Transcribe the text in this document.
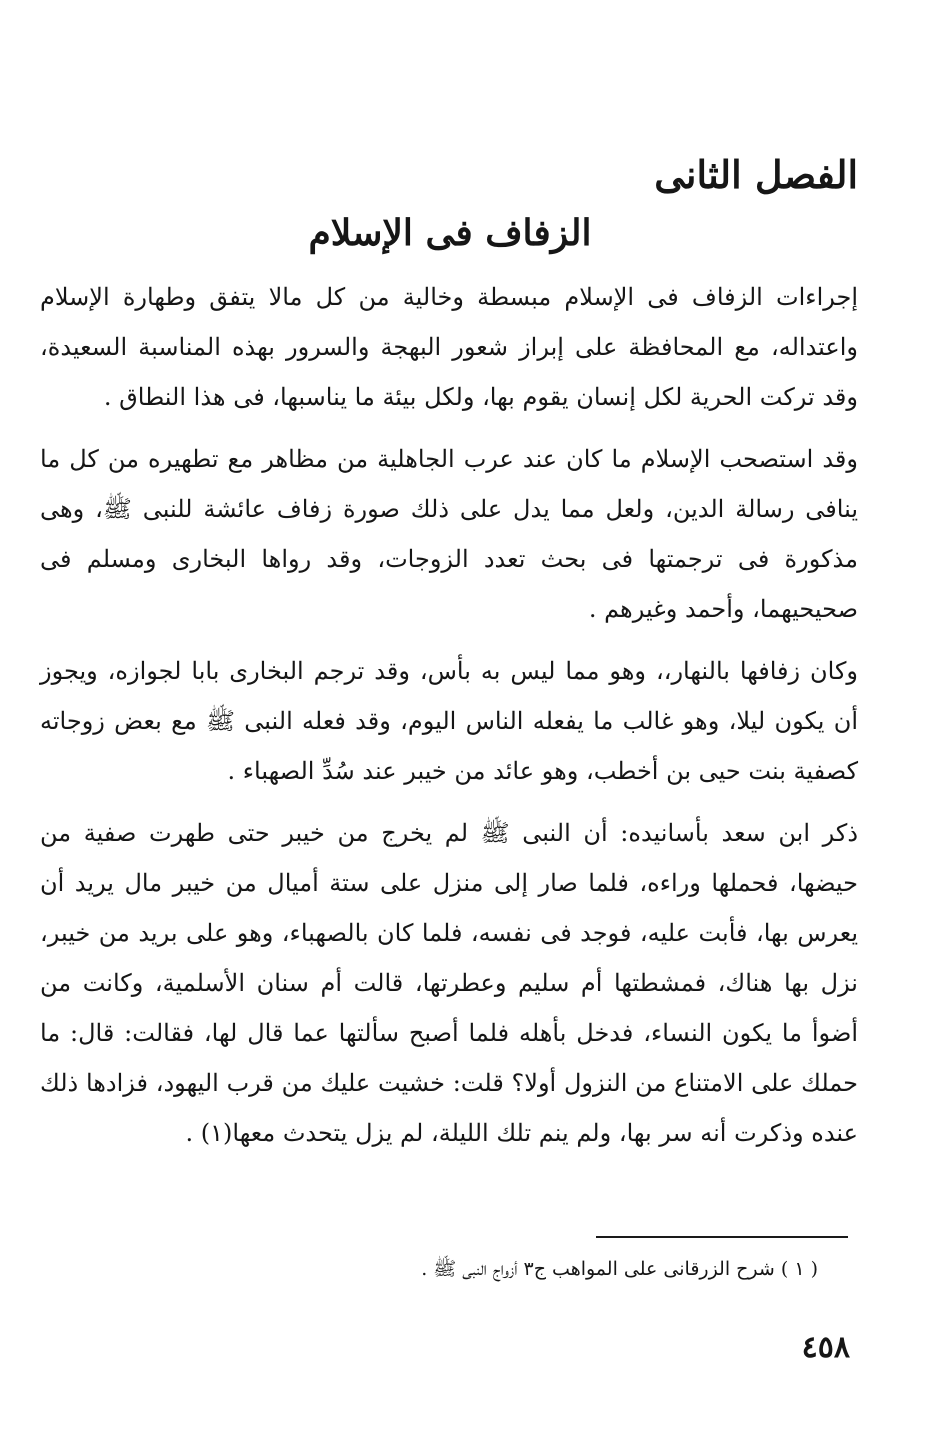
الفصل الثانى
الزفاف فى الإسلام

إجراءات الزفاف فى الإسلام مبسطة وخالية من كل مالا يتفق وطهارة الإسلام واعتداله، مع المحافظة على إبراز شعور البهجة والسرور بهذه المناسبة السعيدة، وقد تركت الحرية لكل إنسان يقوم بها، ولكل بيئة ما يناسبها، فى هذا النطاق .

وقد استصحب الإسلام ما كان عند عرب الجاهلية من مظاهر مع تطهيره من كل ما ينافى رسالة الدين، ولعل مما يدل على ذلك صورة زفاف عائشة للنبى ﷺ، وهى مذكورة فى ترجمتها فى بحث تعدد الزوجات، وقد رواها البخارى ومسلم فى صحيحيهما، وأحمد وغيرهم .

وكان زفافها بالنهار،، وهو مما ليس به بأس، وقد ترجم البخارى بابا لجوازه، ويجوز أن يكون ليلا، وهو غالب ما يفعله الناس اليوم، وقد فعله النبى ﷺ مع بعض زوجاته كصفية بنت حيى بن أخطب، وهو عائد من خيبر عند سُدِّ الصهباء .

ذكر ابن سعد بأسانيده: أن النبى ﷺ لم يخرج من خيبر حتى طهرت صفية من حيضها، فحملها وراءه، فلما صار إلى منزل على ستة أميال من خيبر مال يريد أن يعرس بها، فأبت عليه، فوجد فى نفسه، فلما كان بالصهباء، وهو على بريد من خيبر، نزل بها هناك، فمشطتها أم سليم وعطرتها، قالت أم سنان الأسلمية، وكانت من أضوأ ما يكون النساء، فدخل بأهله فلما أصبح سألتها عما قال لها، فقالت: قال: ما حملك على الامتناع من النزول أولا؟ قلت: خشيت عليك من قرب اليهود، فزادها ذلك عنده وذكرت أنه سر بها، ولم ينم تلك الليلة، لم يزل يتحدث معها(١) .

( ١ ) شرح الزرقانى على المواهب ج٣ أزواج النبى ﷺ .

٤٥٨
